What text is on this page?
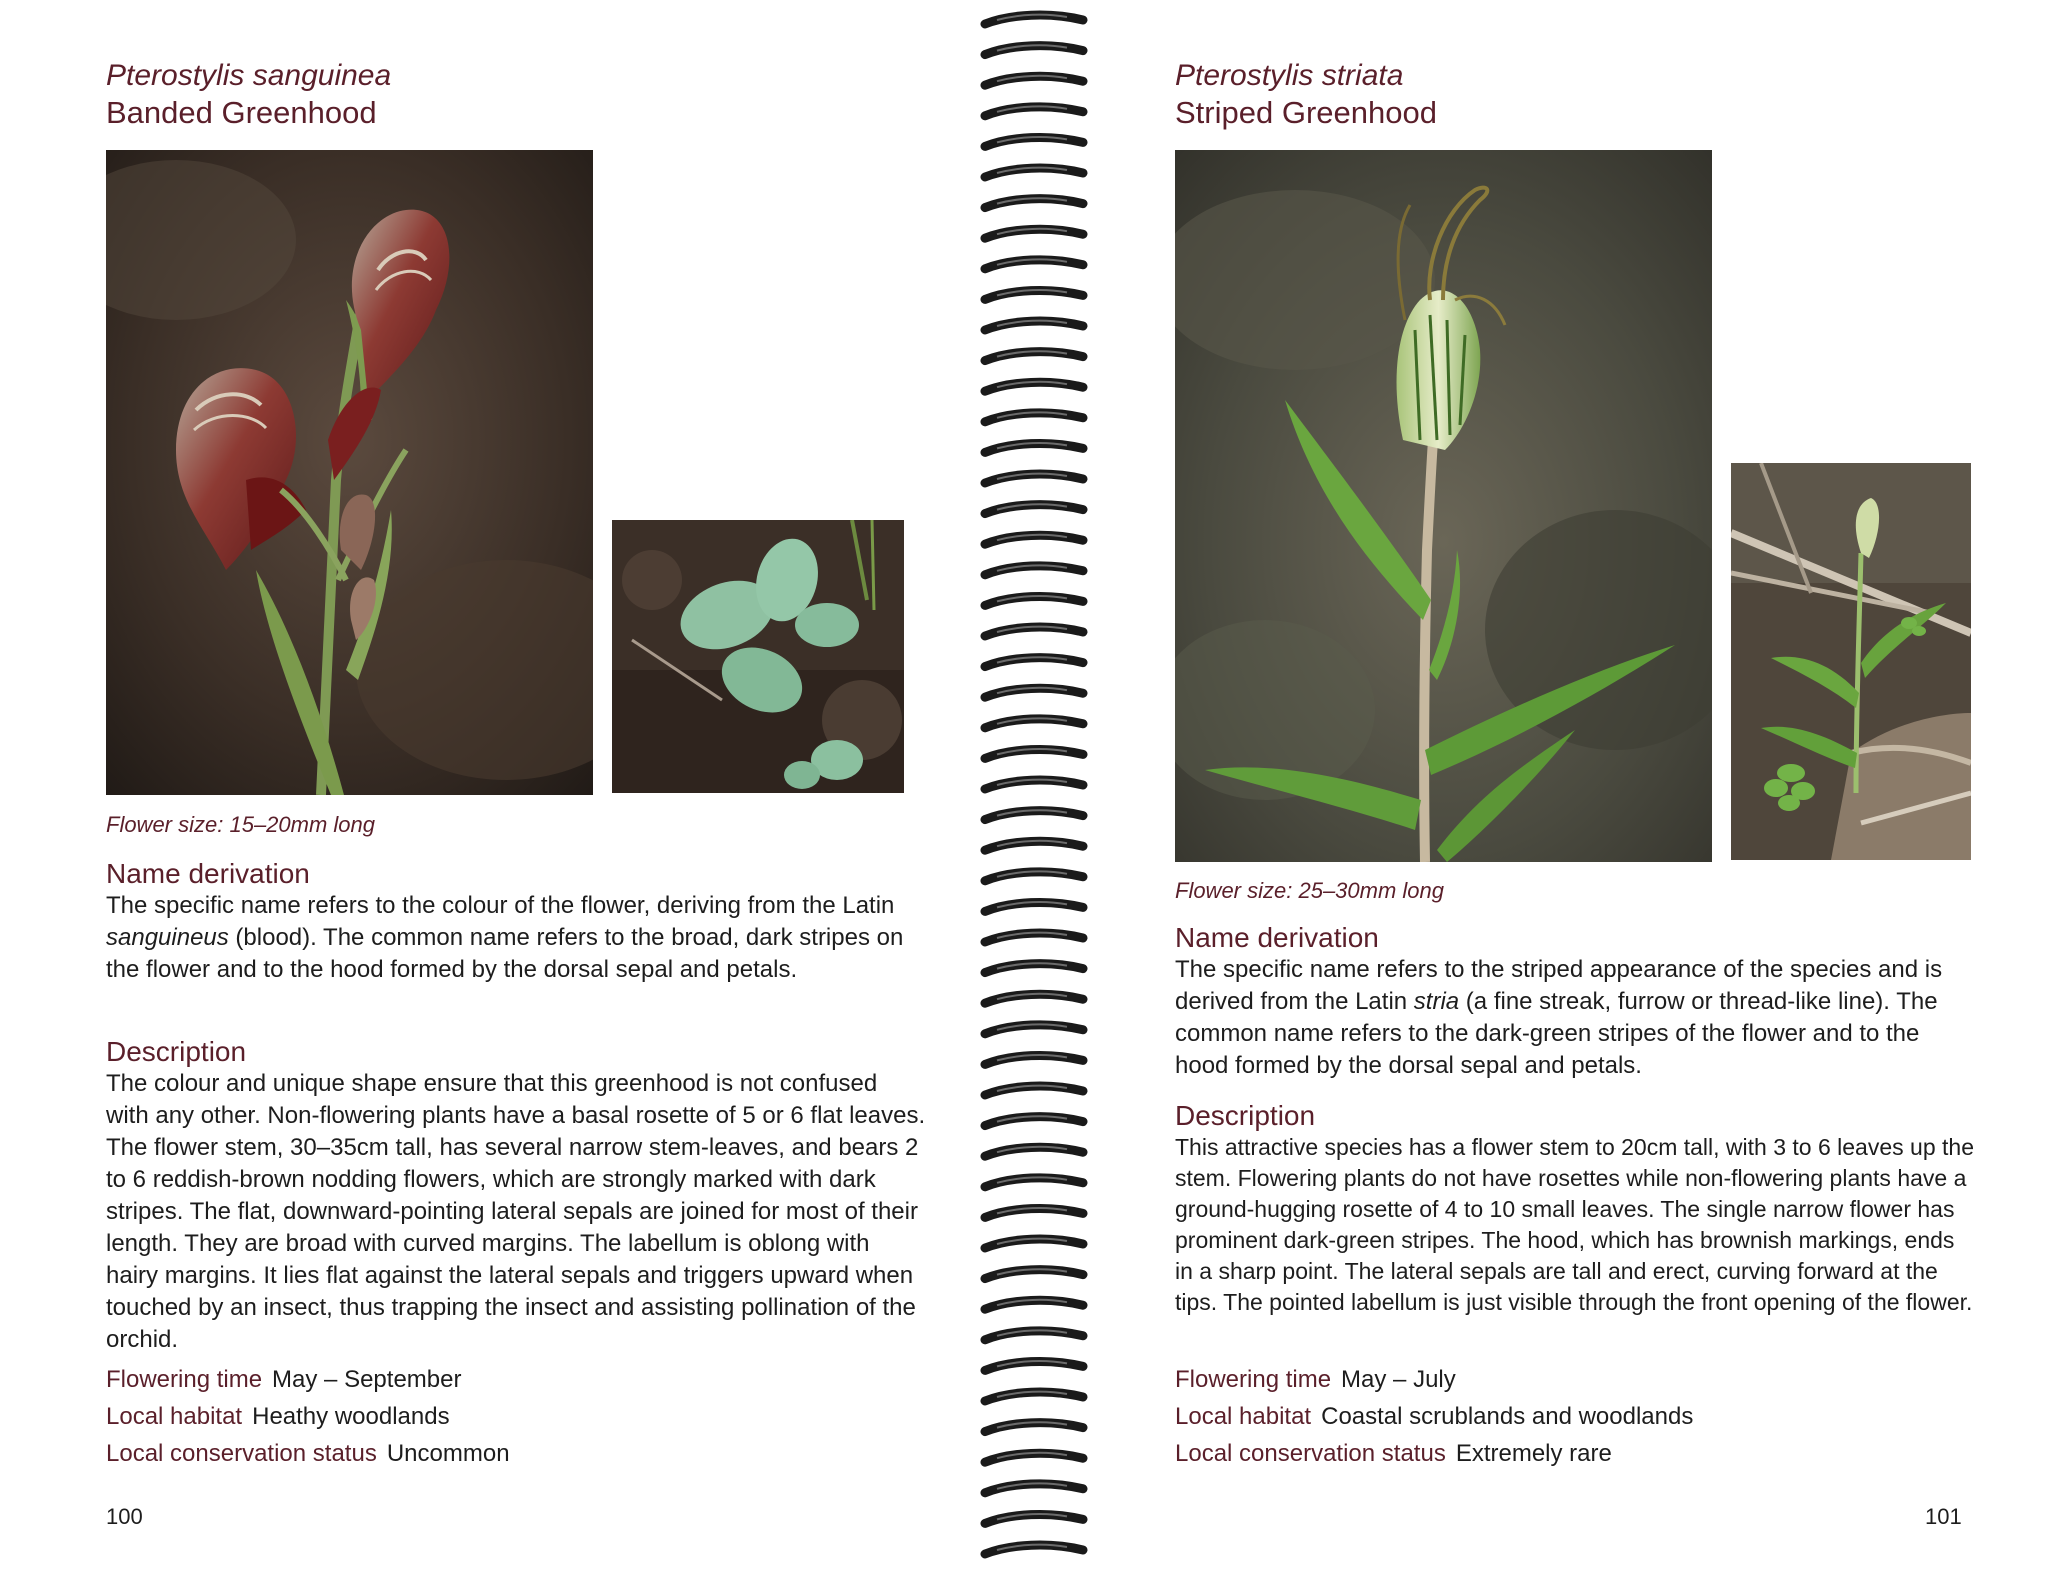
Pterostylis sanguinea
Banded Greenhood
Flower size: 15–20mm long
Name derivation
The specific name refers to the colour of the flower, deriving from the Latin sanguineus (blood). The common name refers to the broad, dark stripes on the flower and to the hood formed by the dorsal sepal and petals.
Description
The colour and unique shape ensure that this greenhood is not confused with any other. Non-flowering plants have a basal rosette of 5 or 6 flat leaves. The flower stem, 30–35cm tall, has several narrow stem-leaves, and bears 2 to 6 reddish-brown nodding flowers, which are strongly marked with dark stripes. The flat, downward-pointing lateral sepals are joined for most of their length. They are broad with curved margins. The labellum is oblong with hairy margins. It lies flat against the lateral sepals and triggers upward when touched by an insect, thus trapping the insect and assisting pollination of the orchid.
Flowering time May – September
Local habitat Heathy woodlands
Local conservation status Uncommon
100
Pterostylis striata
Striped Greenhood
Flower size: 25–30mm long
Name derivation
The specific name refers to the striped appearance of the species and is derived from the Latin stria (a fine streak, furrow or thread-like line). The common name refers to the dark-green stripes of the flower and to the hood formed by the dorsal sepal and petals.
Description
This attractive species has a flower stem to 20cm tall, with 3 to 6 leaves up the stem. Flowering plants do not have rosettes while non-flowering plants have a ground-hugging rosette of 4 to 10 small leaves. The single narrow flower has prominent dark-green stripes. The hood, which has brownish markings, ends in a sharp point. The lateral sepals are tall and erect, curving forward at the tips. The pointed labellum is just visible through the front opening of the flower.
Flowering time May – July
Local habitat Coastal scrublands and woodlands
Local conservation status Extremely rare
101
